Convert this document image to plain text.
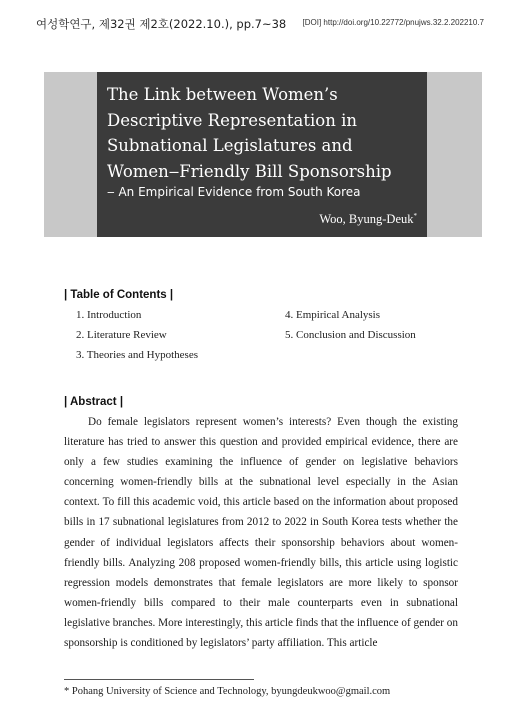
여성학연구, 제32권 제2호(2022.10.), pp.7~38 [DOI] http://doi.org/10.22772/pnujws.32.2.202210.7
The Link between Women’s Descriptive Representation in Subnational Legislatures and Women‒Friendly Bill Sponsorship
‒ An Empirical Evidence from South Korea
Woo, Byung-Deuk*
| Table of Contents |
1. Introduction
2. Literature Review
3. Theories and Hypotheses
4. Empirical Analysis
5. Conclusion and Discussion
| Abstract |

Do female legislators represent women’s interests? Even though the existing literature has tried to answer this question and provided empirical evidence, there are only a few studies examining the influence of gender on legislative behaviors concerning women-friendly bills at the subnational level especially in the Asian context. To fill this academic void, this article based on the information about proposed bills in 17 subnational legislatures from 2012 to 2022 in South Korea tests whether the gender of individual legislators affects their sponsorship behaviors about women-friendly bills. Analyzing 208 proposed women-friendly bills, this article using logistic regression models demonstrates that female legislators are more likely to sponsor women-friendly bills compared to their male counterparts even in subnational legislative branches. More interestingly, this article finds that the influence of gender on sponsorship is conditioned by legislators’ party affiliation. This article

* Pohang University of Science and Technology, byungdeukwoo@gmail.com
